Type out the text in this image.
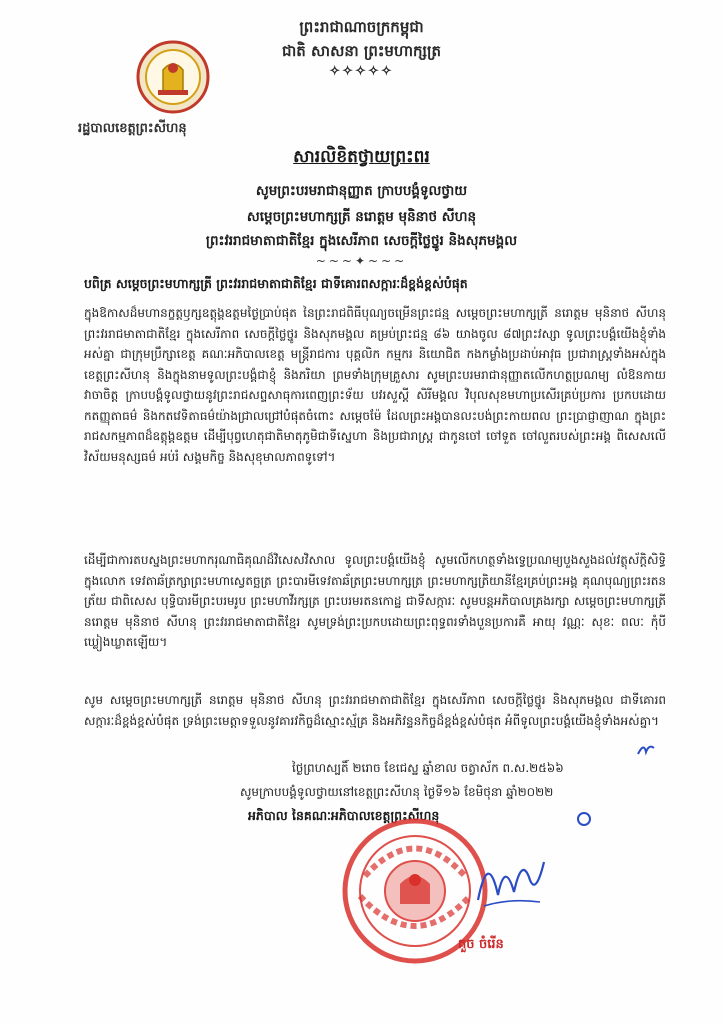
ព្រះរាជាណាចក្រកម្ពុជា
ជាតិ សាសនា ព្រះមហាក្សត្រ
✧✧✧✧✧
រដ្ឋបាលខេត្តព្រះសីហនុ
សារលិខិតថ្វាយព្រះពរ
សូមព្រះបរមរាជានុញ្ញាត ក្រាបបង្គំទូលថ្វាយ
សម្តេចព្រះមហាក្សត្រី នរោត្តម មុនិនាថ សីហនុ
ព្រះវររាជមាតាជាតិខ្មែរ ក្នុងសេរីភាព សេចក្តីថ្លៃថ្នូរ និងសុភមង្គល
~~~✦~~~
បពិត្រ សម្តេចព្រះមហាក្សត្រី ព្រះវររាជមាតាជាតិខ្មែរ ជាទីគោរពសក្ការៈដ៏ខ្ពង់ខ្ពស់បំផុត
ក្នុងឱកាសដ៏មហានក្ខត្តឫក្សឧត្តុង្គឧត្តមថ្ងៃប្រាប់ផុត នៃព្រះរាជពិធីបុណ្យចម្រើនព្រះជន្ម សម្តេចព្រះមហាក្សត្រី នរោត្តម មុនិនាថ សីហនុ ព្រះវររាជមាតាជាតិខ្មែរ ក្នុងសេរីភាព សេចក្តីថ្លៃថ្នូរ និងសុភមង្គល គម្រប់ព្រះជន្ម ៨៦ យាងចូល ៨៧ព្រះវស្សា ទូលព្រះបង្គំយើងខ្ញុំទាំងអស់គ្នា ជាក្រុមប្រឹក្សាខេត្ត គណៈអភិបាលខេត្ត មន្ត្រីរាជការ បុគ្គលិក កម្មករ និយោជិត កងកម្លាំងប្រដាប់អាវុធ ប្រជារាស្ត្រទាំងអស់ក្នុងខេត្តព្រះសីហនុ និងក្នុងនាមទូលព្រះបង្គំជាខ្ញុំ និងភរិយា ព្រមទាំងក្រុមគ្រួសារ សូមព្រះបរមរាជានុញ្ញាតលើកហត្ថប្រណម្យ លំឱនកាយវាចាចិត្ត ក្រាបបង្គំទូលថ្វាយនូវព្រះរាជសព្ទសាធុការពេញព្រះទ័យ បវរសួស្តី សិរីមង្គល វិបុលសុខមហាប្រសើរគ្រប់ប្រការ ប្រកបដោយកតញ្ញុតាធម៌ និងកតវេទិតាធម៌យ៉ាងជ្រាលជ្រៅបំផុតចំពោះ សម្តេចម៉ែ ដែលព្រះអង្គបានលះបង់ព្រះកាយពល ព្រះប្រាជ្ញាញាណ ក្នុងព្រះរាជសកម្មភាពដ៏ឧត្តុង្គឧត្តម ដើម្បីបុព្វហេតុជាតិមាតុភូមិជាទីស្នេហា និងប្រជារាស្ត្រ ជាកូនចៅ ចៅទួត ចៅលួតរបស់ព្រះអង្គ ពិសេសលើវិស័យមនុស្សធម៌ អប់រំ សង្គមកិច្ច និងសុខុមាលភាពទូទៅ។
ដើម្បីជាការតបស្នងព្រះមហាករុណាធិគុណដ៏វិសេសវិសាល ទូលព្រះបង្គំយើងខ្ញុំ សូមលើកហត្ថទាំងទ្វេប្រណម្យបួងសួងដល់វត្ថុស័ក្តិសិទ្ធិក្នុងលោក ទេវតាឆ័ត្រក្សាព្រះមហាស្វេតច្ឆត្រ ព្រះបារមីទេវតាឆ័ត្រព្រះមហាក្សត្រ ព្រះមហាក្សត្រិយានីខ្មែរគ្រប់ព្រះអង្គ គុណបុណ្យព្រះរតនត្រ័យ ជាពិសេស បុទ្ធិបារមីព្រះបរមរូប ព្រះមហាវីរក្សត្រ ព្រះបរមរតនកោដ្ឋ ជាទីសក្ការៈ សូមបន្តអភិបាលគ្រងរក្សា សម្តេចព្រះមហាក្សត្រី នរោត្តម មុនិនាថ សីហនុ ព្រះវររាជមាតាជាតិខ្មែរ សូមទ្រង់ព្រះប្រកបដោយព្រះពុទ្ធពរទាំងបួនប្រការគឺ អាយុ វណ្ណៈ សុខៈ ពលៈ កុំបីឃ្លៀងឃ្លាតឡើយ។
សូម សម្តេចព្រះមហាក្សត្រី នរោត្តម មុនិនាថ សីហនុ ព្រះវររាជមាតាជាតិខ្មែរ ក្នុងសេរីភាព សេចក្តីថ្លៃថ្នូរ និងសុភមង្គល ជាទីគោរពសក្ការៈដ៏ខ្ពង់ខ្ពស់បំផុត ទ្រង់ព្រះមេត្តាទទួលនូវគារវកិច្ចដ៏ស្មោះស្ម័គ្រ និងអភិវន្ទនកិច្ចដ៏ខ្ពង់ខ្ពស់បំផុត អំពីទូលព្រះបង្គំយើងខ្ញុំទាំងអស់គ្នា។
ថ្ងៃព្រហស្បតិ៍ ២រោច ខែជេស្ឋ ឆ្នាំខាល ចត្វាស័ក ព.ស.២៥៦៦
សូមក្រាបបង្គំទូលថ្វាយនៅខេត្តព្រះសីហនុ ថ្ងៃទី១៦ ខែមិថុនា ឆ្នាំ២០២២
អភិបាល នៃគណៈអភិបាលខេត្តព្រះសីហនុ
គួច ចំរើន
